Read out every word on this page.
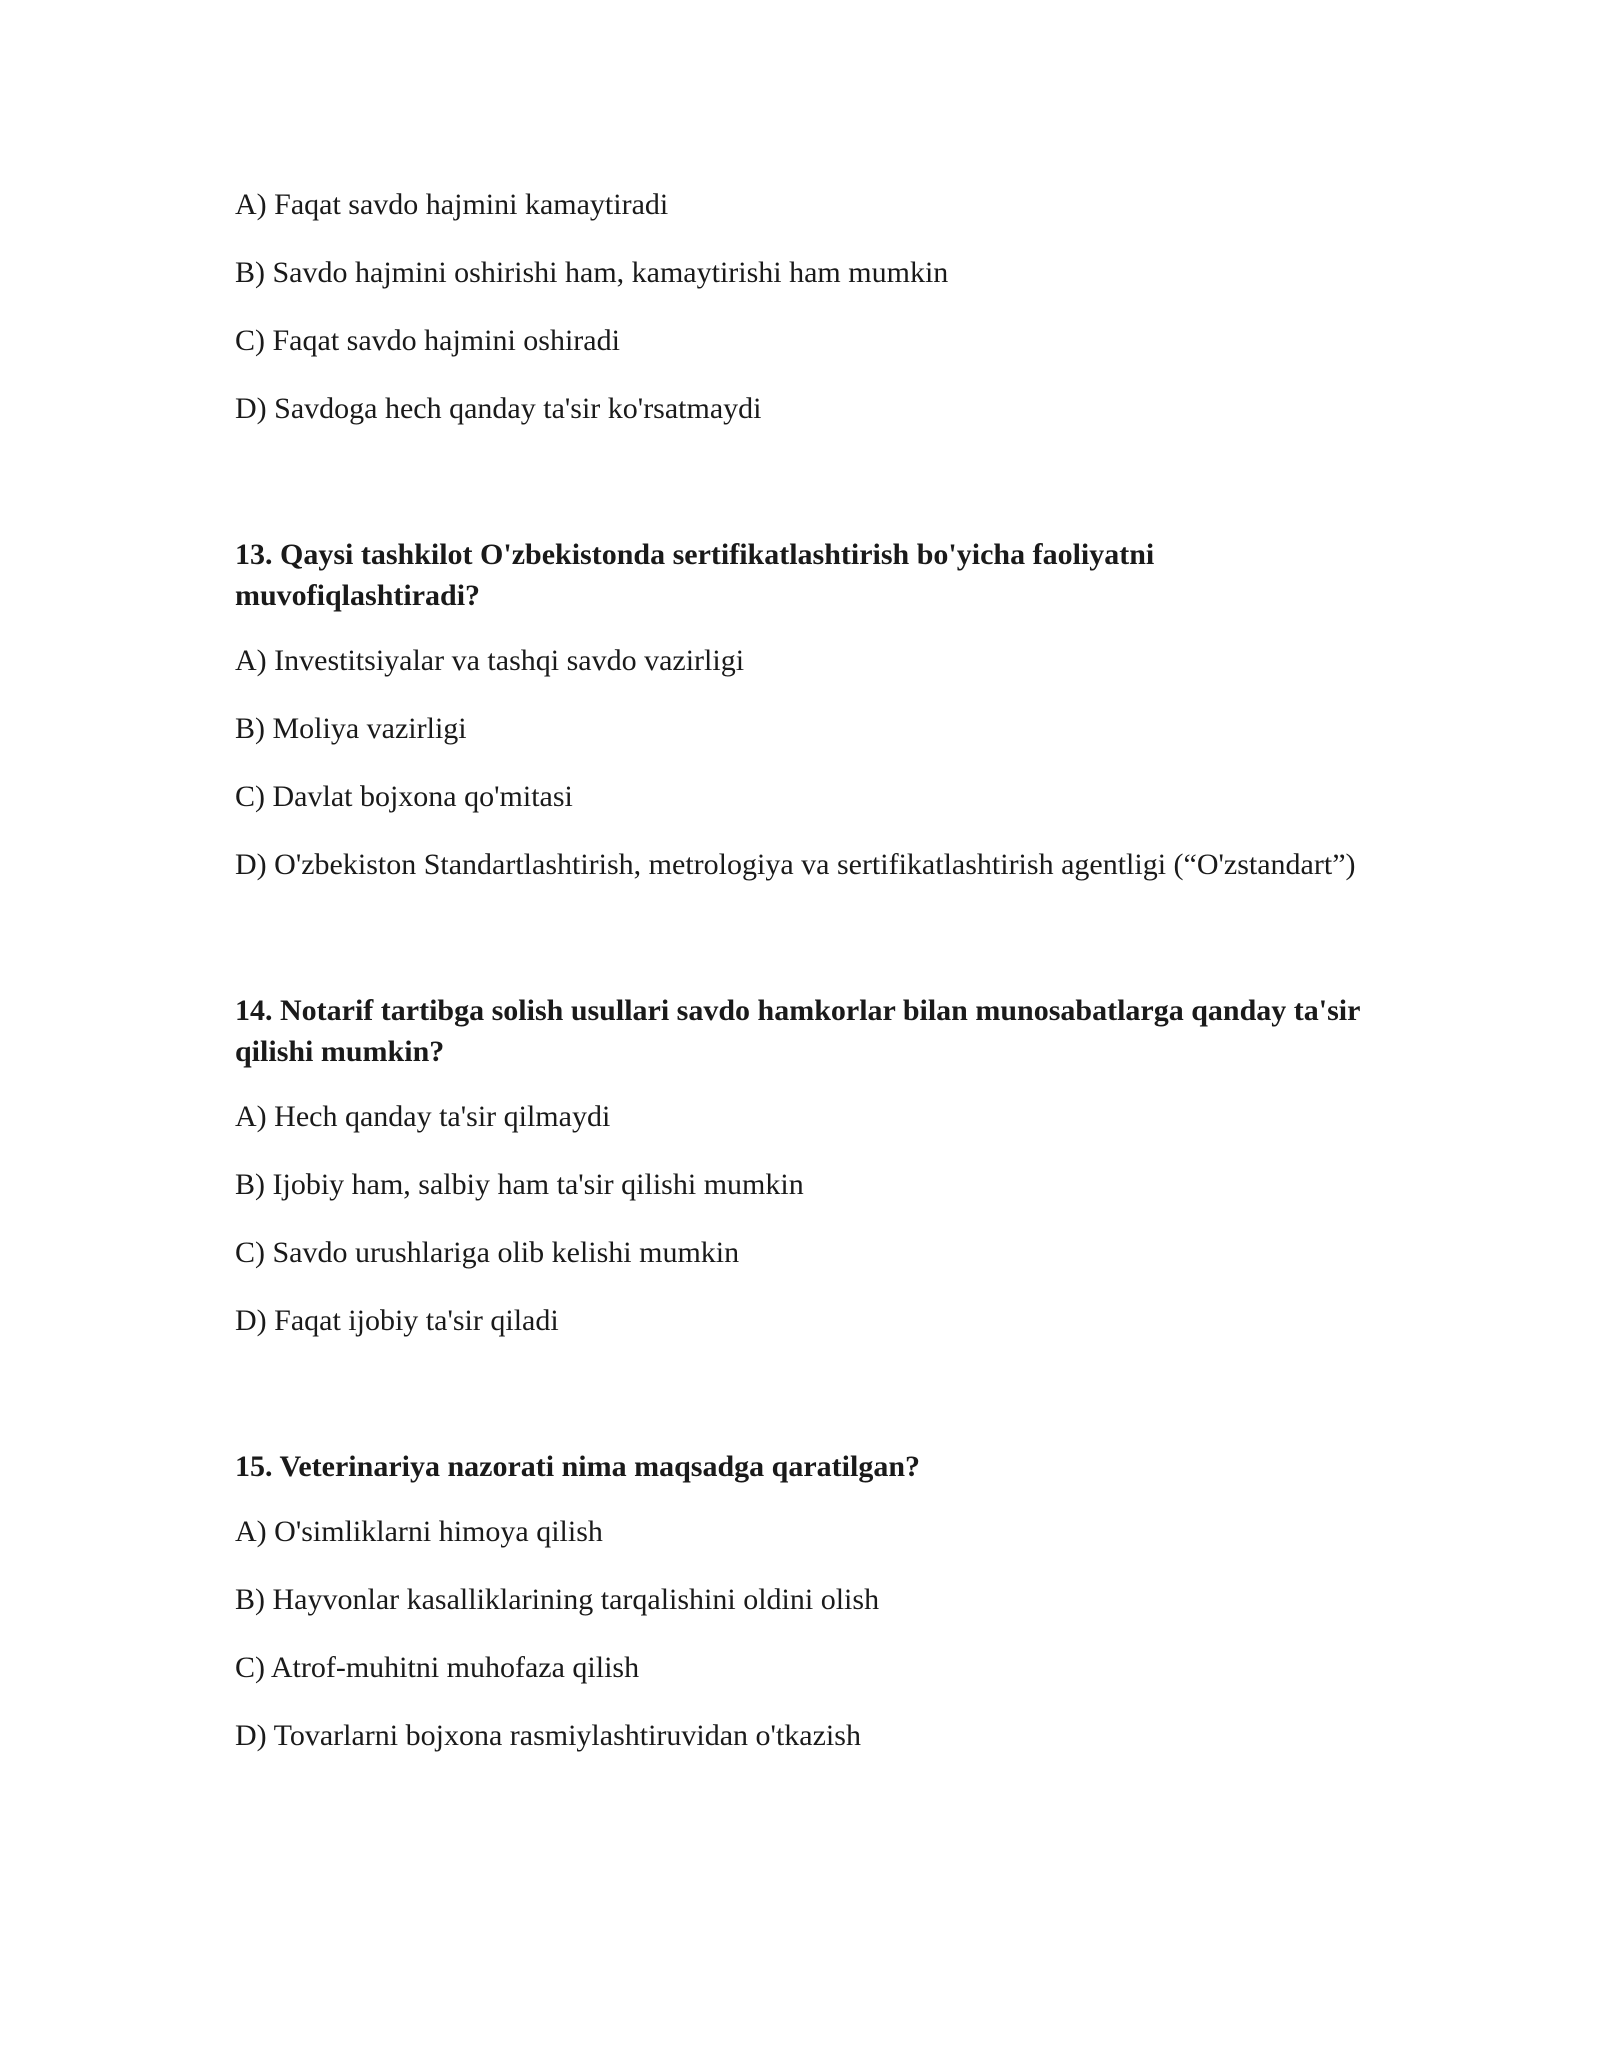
A) Faqat savdo hajmini kamaytiradi

B) Savdo hajmini oshirishi ham, kamaytirishi ham mumkin

C) Faqat savdo hajmini oshiradi

D) Savdoga hech qanday ta'sir ko'rsatmaydi

13. Qaysi tashkilot O'zbekistonda sertifikatlashtirish bo'yicha faoliyatni muvofiqlashtiradi?

A) Investitsiyalar va tashqi savdo vazirligi

B) Moliya vazirligi

C) Davlat bojxona qo'mitasi

D) O'zbekiston Standartlashtirish, metrologiya va sertifikatlashtirish agentligi (“O'zstandart”)

14. Notarif tartibga solish usullari savdo hamkorlar bilan munosabatlarga qanday ta'sir qilishi mumkin?

A) Hech qanday ta'sir qilmaydi

B) Ijobiy ham, salbiy ham ta'sir qilishi mumkin

C) Savdo urushlariga olib kelishi mumkin

D) Faqat ijobiy ta'sir qiladi

15. Veterinariya nazorati nima maqsadga qaratilgan?

A) O'simliklarni himoya qilish

B) Hayvonlar kasalliklarining tarqalishini oldini olish

C) Atrof-muhitni muhofaza qilish

D) Tovarlarni bojxona rasmiylashtiruvidan o'tkazish
